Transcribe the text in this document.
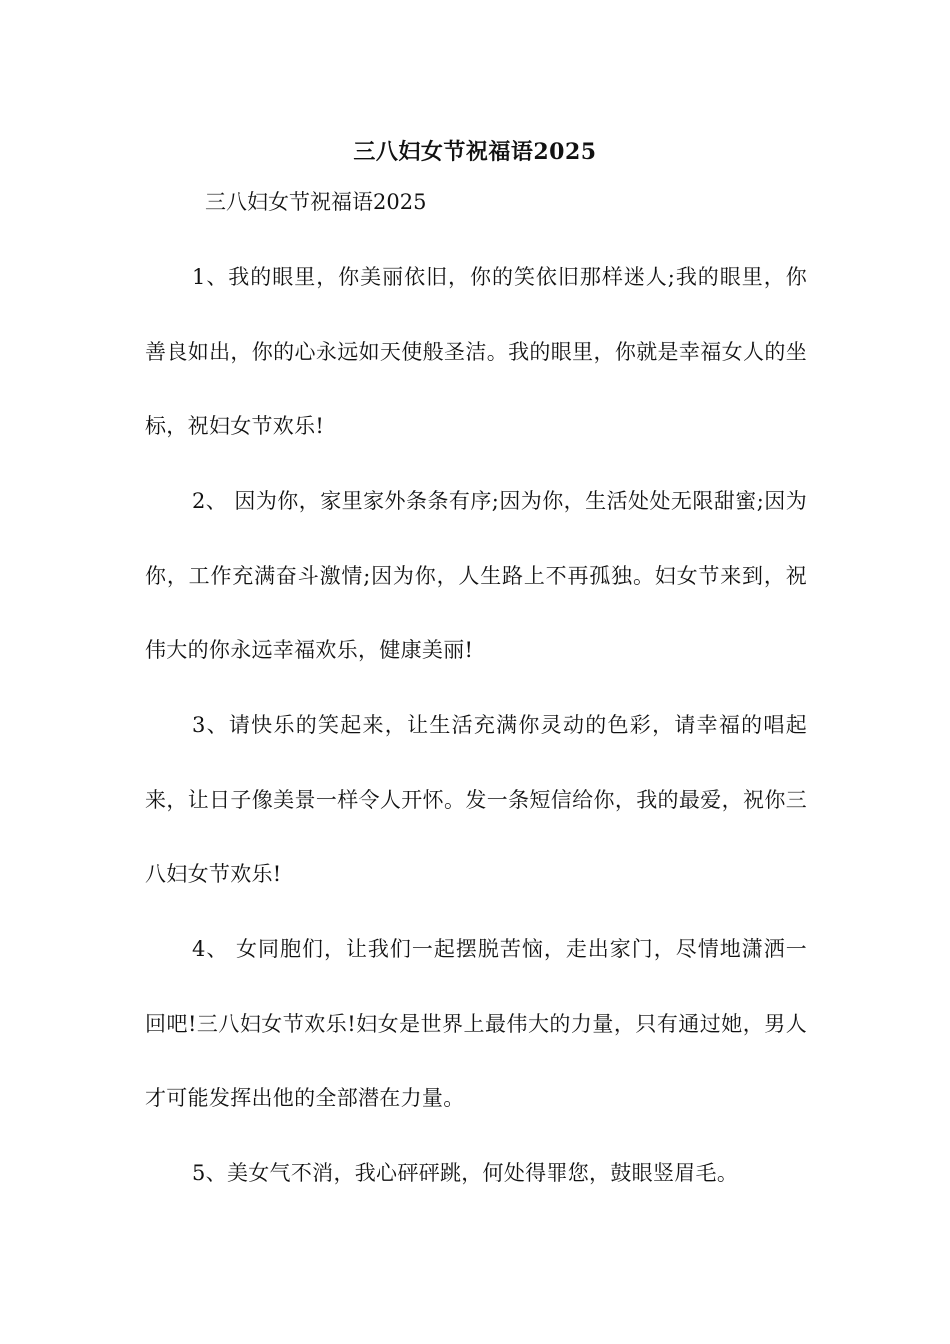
三八妇女节祝福语2025
三八妇女节祝福语2025

1、我的眼里，你美丽依旧，你的笑依旧那样迷人;我的眼里，你善良如出，你的心永远如天使般圣洁。我的眼里，你就是幸福女人的坐标，祝妇女节欢乐!

2、 因为你，家里家外条条有序;因为你，生活处处无限甜蜜;因为你，工作充满奋斗激情;因为你，人生路上不再孤独。妇女节来到，祝伟大的你永远幸福欢乐，健康美丽!

3、请快乐的笑起来，让生活充满你灵动的色彩，请幸福的唱起来，让日子像美景一样令人开怀。发一条短信给你，我的最爱，祝你三八妇女节欢乐!

4、 女同胞们，让我们一起摆脱苦恼，走出家门，尽情地潇洒一回吧!三八妇女节欢乐!妇女是世界上最伟大的力量，只有通过她，男人才可能发挥出他的全部潜在力量。

5、美女气不消，我心砰砰跳，何处得罪您，鼓眼竖眉毛。
